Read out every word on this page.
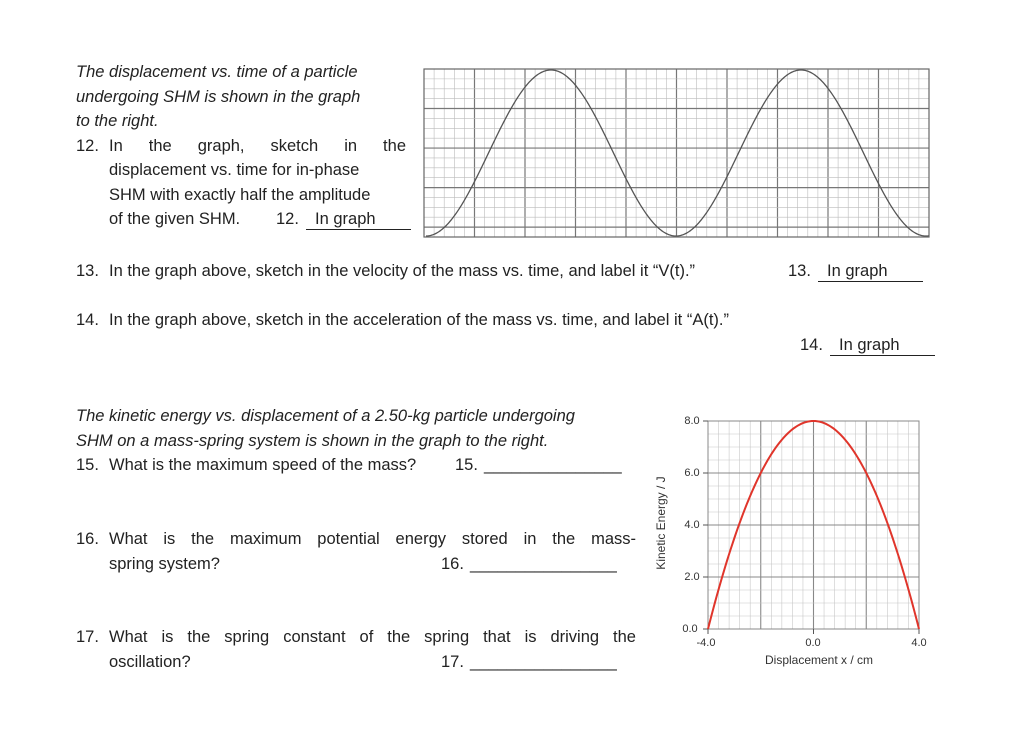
The displacement vs. time of a particle
undergoing SHM is shown in the graph
to the right.
12. In the graph, sketch in the
displacement vs. time for in-phase
SHM with exactly half the amplitude
of the given SHM. 12. In graph
13. In the graph above, sketch in the velocity of the mass vs. time, and label it “V(t).”	13. In graph
14. In the graph above, sketch in the acceleration of the mass vs. time, and label it “A(t).”
14. In graph
The kinetic energy vs. displacement of a 2.50-kg particle undergoing
SHM on a mass-spring system is shown in the graph to the right.
15. What is the maximum speed of the mass? 15. _______________
16. What is the maximum potential energy stored in the mass-
spring system?	16. ________________
17. What is the spring constant of the spring that is driving the
oscillation?	17. ________________
8.0
6.0
4.0
2.0
0.0
-4.0	0.0	4.0
Displacement x / cm
Kinetic Energy / J
